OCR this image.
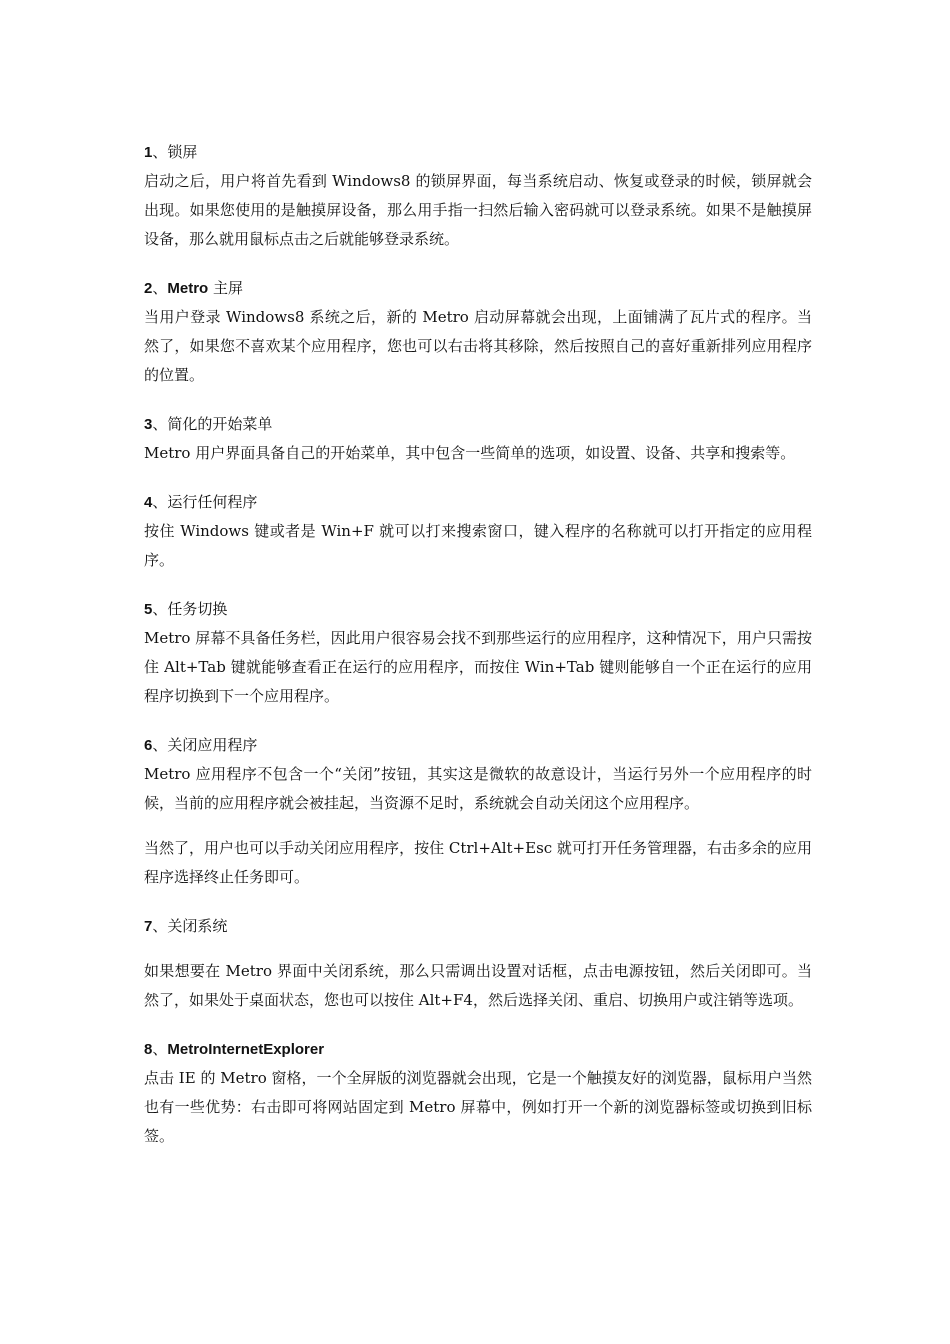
1、锁屏

启动之后，用户将首先看到 Windows8 的锁屏界面，每当系统启动、恢复或登录的时候，锁屏就会出现。如果您使用的是触摸屏设备，那么用手指一扫然后输入密码就可以登录系统。如果不是触摸屏设备，那么就用鼠标点击之后就能够登录系统。

2、Metro 主屏

当用户登录 Windows8 系统之后，新的 Metro 启动屏幕就会出现，上面铺满了瓦片式的程序。当然了，如果您不喜欢某个应用程序，您也可以右击将其移除，然后按照自己的喜好重新排列应用程序的位置。

3、简化的开始菜单

Metro 用户界面具备自己的开始菜单，其中包含一些简单的选项，如设置、设备、共享和搜索等。

4、运行任何程序

按住 Windows 键或者是 Win+F 就可以打来搜索窗口，键入程序的名称就可以打开指定的应用程序。

5、任务切换

Metro 屏幕不具备任务栏，因此用户很容易会找不到那些运行的应用程序，这种情况下，用户只需按住 Alt+Tab 键就能够查看正在运行的应用程序，而按住 Win+Tab 键则能够自一个正在运行的应用程序切换到下一个应用程序。

6、关闭应用程序

Metro 应用程序不包含一个“关闭”按钮，其实这是微软的故意设计，当运行另外一个应用程序的时候，当前的应用程序就会被挂起，当资源不足时，系统就会自动关闭这个应用程序。

当然了，用户也可以手动关闭应用程序，按住 Ctrl+Alt+Esc 就可打开任务管理器，右击多余的应用程序选择终止任务即可。

7、关闭系统

如果想要在 Metro 界面中关闭系统，那么只需调出设置对话框，点击电源按钮，然后关闭即可。当然了，如果处于桌面状态，您也可以按住 Alt+F4，然后选择关闭、重启、切换用户或注销等选项。

8、MetroInternetExplorer

点击 IE 的 Metro 窗格，一个全屏版的浏览器就会出现，它是一个触摸友好的浏览器，鼠标用户当然也有一些优势：右击即可将网站固定到 Metro 屏幕中，例如打开一个新的浏览器标签或切换到旧标签。
